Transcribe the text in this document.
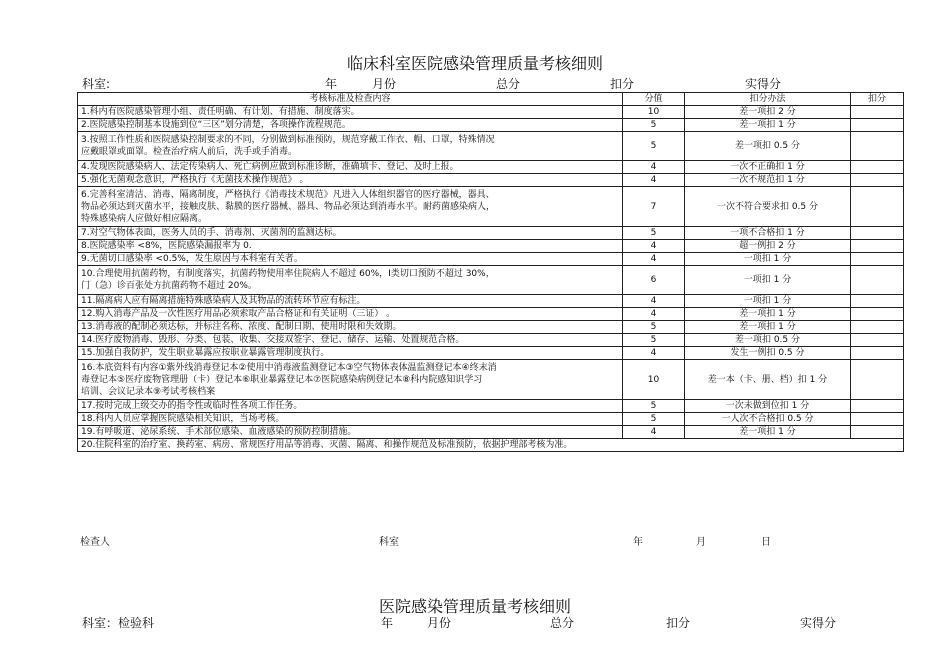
临床科室医院感染管理质量考核细则
科室:	年	月份	总分	扣分	实得分
考核标准及检查内容	分值	扣分办法	扣分
1.科内有医院感染管理小组、责任明确、有计划、有措施、制度落实。	10	差一项扣 2 分	
2.医院感染控制基本设施到位“三区”划分清楚，各项操作流程规范。	5	差一项扣 1 分	
3.按照工作性质和医院感染控制要求的不同，分别做到标准预防，规范穿戴工作衣、帽、口罩，特殊情况
应戴眼罩或面罩。检查治疗病人前后，洗手或手消毒。	5	差一项扣 0.5 分	
4.发现医院感染病人、法定传染病人、死亡病例应做到标准诊断，准确填卡、登记、及时上报。	4	一次不正确扣 1 分	
5.强化无菌观念意识，严格执行《无菌技术操作规范》 。	4	一次不规范扣 1 分	
6.完善科室清洁、消毒、隔离制度，严格执行《消毒技术规范》凡进入人体组织器官的医疗器械，器具、
物品必须达到灭菌水平，接触皮肤、黏膜的医疗器械、器具、物品必须达到消毒水平。耐药菌感染病人，
特殊感染病人应做好相应隔离。	7	一次不符合要求扣 0.5 分	
7.对空气物体表面，医务人员的手、消毒剂、灭菌剂的监测达标。	5	一项不合格扣 1 分	
8.医院感染率 <8%，医院感染漏报率为 0.	4	超一例扣 2 分	
9.无菌切口感染率 <0.5%，发生原因与本科室有关者。	4	一项扣 1 分	
10.合理使用抗菌药物，有制度落实，抗菌药物使用率住院病人不超过 60%，Ⅰ类切口预防不超过 30%，
门（急）诊百张处方抗菌药物不超过 20%。	6	一项扣 1 分	
11.隔离病人应有隔离措施特殊感染病人及其物品的流转环节应有标注。	4	一项扣 1 分	
12.购入消毒产品及一次性医疗用品必须索取产品合格证和有关证明（三证） 。	4	差一项扣 1 分	
13.消毒液的配制必须达标，并标注名称、浓度、配制日期、使用时限和失效期。	5	差一项扣 1 分	
14.医疗废物消毒、毁形、分类、包装、收集、交接双签字、登记、储存、运输、处置规范合格。	5	差一项扣 0.5 分	
15.加强自我防护，发生职业暴露应按职业暴露管理制度执行。	4	发生一例扣 0.5 分	
16.本底资料有内容①紫外线消毒登记本②使用中消毒液监测登记本③空气物体表体温监测登记本④终末消
毒登记本⑤医疗废物管理册（卡）登记本⑥职业暴露登记本⑦医院感染病例登记本⑧科内院感知识学习
培训、会议记录本⑨考试考核档案	10	差一本（卡、册、档）扣 1 分	
17.按时完成上级交办的指令性或临时性各项工作任务。	5	一次未做到位扣 1 分	
18.科内人员应掌握医院感染相关知识，当场考核。	5	一人次不合格扣 0.5 分	
19.有呼吸道、泌尿系统、手术部位感染、血液感染的预防控制措施。	4	差一项扣 1 分	
20.住院科室的治疗室、换药室、病房、常规医疗用品等消毒、灭菌、隔离、和操作规范及标准预防，依据护理部考核为准。			
检查人	科室	年	月	日
医院感染管理质量考核细则
科室：检验科	年	月份	总分	扣分	实得分
